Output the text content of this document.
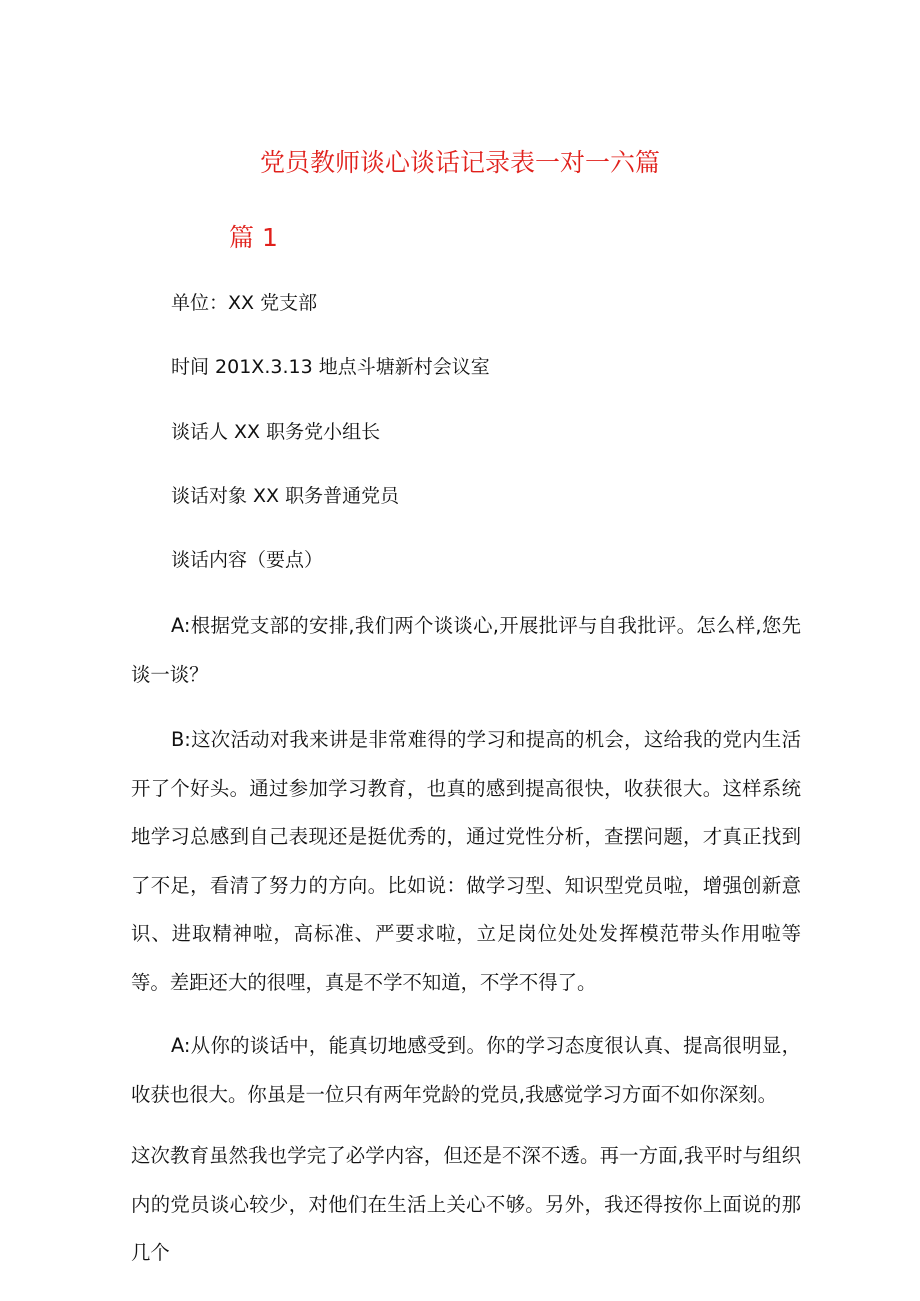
党员教师谈心谈话记录表一对一六篇
篇 1
单位：XX 党支部
时间 201X.3.13 地点斗塘新村会议室
谈话人 XX 职务党小组长
谈话对象 XX 职务普通党员
谈话内容（要点）
A:根据党支部的安排,我们两个谈谈心,开展批评与自我批评。怎么样,您先谈一谈？
B:这次活动对我来讲是非常难得的学习和提高的机会，这给我的党内生活开了个好头。通过参加学习教育，也真的感到提高很快，收获很大。这样系统地学习总感到自己表现还是挺优秀的，通过党性分析，查摆问题，才真正找到了不足，看清了努力的方向。比如说：做学习型、知识型党员啦，增强创新意识、进取精神啦，高标准、严要求啦，立足岗位处处发挥模范带头作用啦等等。差距还大的很哩，真是不学不知道，不学不得了。
A:从你的谈话中，能真切地感受到。你的学习态度很认真、提高很明显，收获也很大。你虽是一位只有两年党龄的党员,我感觉学习方面不如你深刻。
这次教育虽然我也学完了必学内容，但还是不深不透。再一方面,我平时与组织内的党员谈心较少，对他们在生活上关心不够。另外，我还得按你上面说的那几个
